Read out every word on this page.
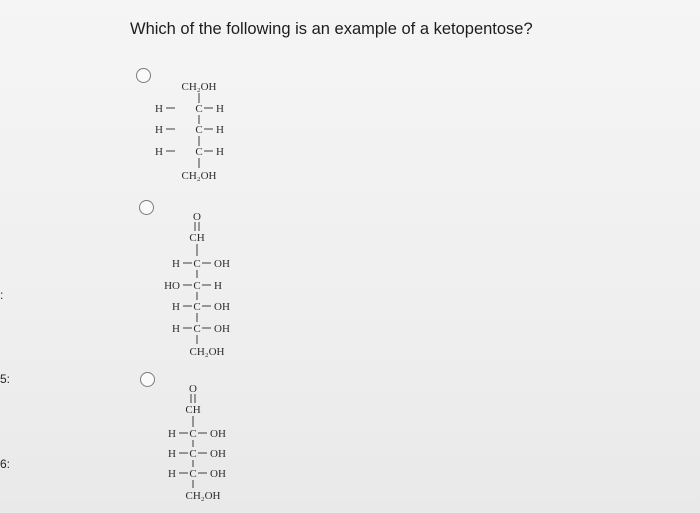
:
5:
6:
Which of the following is an example of a ketopentose?
CH₂OH
H	C H
H	C H
H	C H
CH₂OH
O
CH
H C OH
HO C H
H C OH
H C OH
CH₂OH
O
CH
H C OH
H C OH
H C OH
CH₂OH
